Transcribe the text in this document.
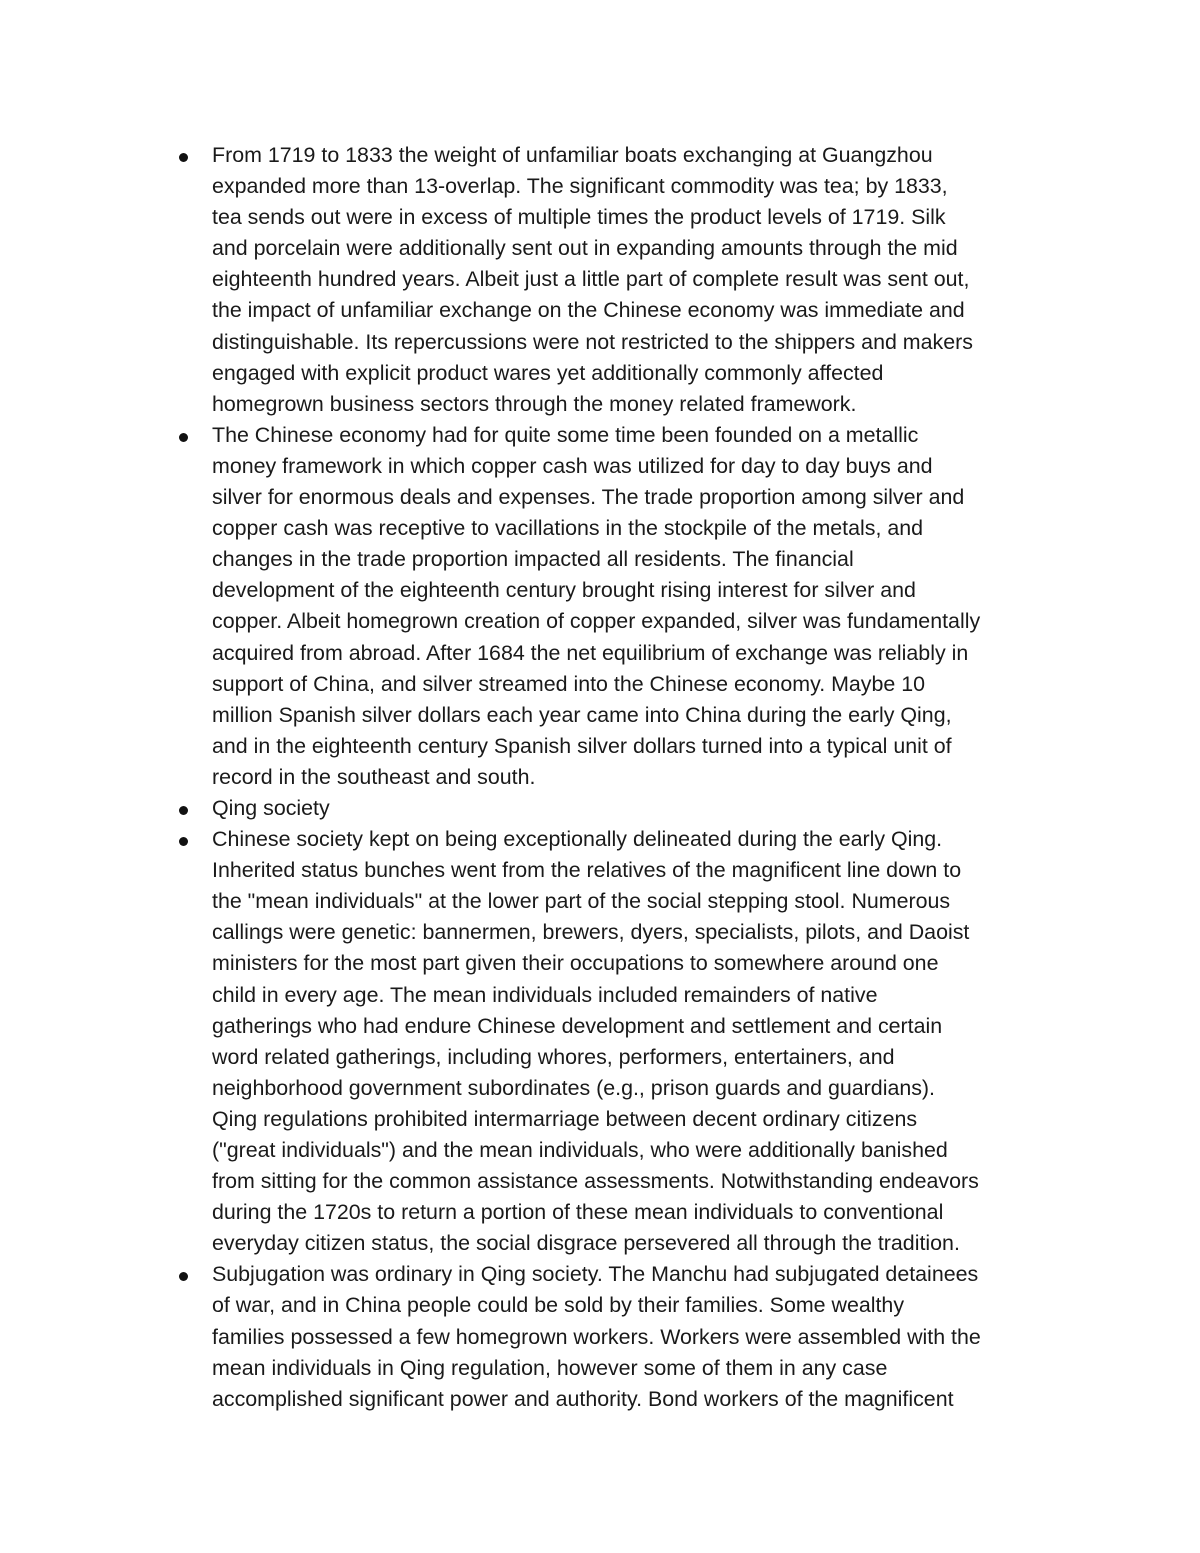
From 1719 to 1833 the weight of unfamiliar boats exchanging at Guangzhou
expanded more than 13-overlap. The significant commodity was tea; by 1833,
tea sends out were in excess of multiple times the product levels of 1719. Silk
and porcelain were additionally sent out in expanding amounts through the mid
eighteenth hundred years. Albeit just a little part of complete result was sent out,
the impact of unfamiliar exchange on the Chinese economy was immediate and
distinguishable. Its repercussions were not restricted to the shippers and makers
engaged with explicit product wares yet additionally commonly affected
homegrown business sectors through the money related framework.
The Chinese economy had for quite some time been founded on a metallic
money framework in which copper cash was utilized for day to day buys and
silver for enormous deals and expenses. The trade proportion among silver and
copper cash was receptive to vacillations in the stockpile of the metals, and
changes in the trade proportion impacted all residents. The financial
development of the eighteenth century brought rising interest for silver and
copper. Albeit homegrown creation of copper expanded, silver was fundamentally
acquired from abroad. After 1684 the net equilibrium of exchange was reliably in
support of China, and silver streamed into the Chinese economy. Maybe 10
million Spanish silver dollars each year came into China during the early Qing,
and in the eighteenth century Spanish silver dollars turned into a typical unit of
record in the southeast and south.
Qing society
Chinese society kept on being exceptionally delineated during the early Qing.
Inherited status bunches went from the relatives of the magnificent line down to
the "mean individuals" at the lower part of the social stepping stool. Numerous
callings were genetic: bannermen, brewers, dyers, specialists, pilots, and Daoist
ministers for the most part given their occupations to somewhere around one
child in every age. The mean individuals included remainders of native
gatherings who had endure Chinese development and settlement and certain
word related gatherings, including whores, performers, entertainers, and
neighborhood government subordinates (e.g., prison guards and guardians).
Qing regulations prohibited intermarriage between decent ordinary citizens
("great individuals") and the mean individuals, who were additionally banished
from sitting for the common assistance assessments. Notwithstanding endeavors
during the 1720s to return a portion of these mean individuals to conventional
everyday citizen status, the social disgrace persevered all through the tradition.
Subjugation was ordinary in Qing society. The Manchu had subjugated detainees
of war, and in China people could be sold by their families. Some wealthy
families possessed a few homegrown workers. Workers were assembled with the
mean individuals in Qing regulation, however some of them in any case
accomplished significant power and authority. Bond workers of the magnificent
